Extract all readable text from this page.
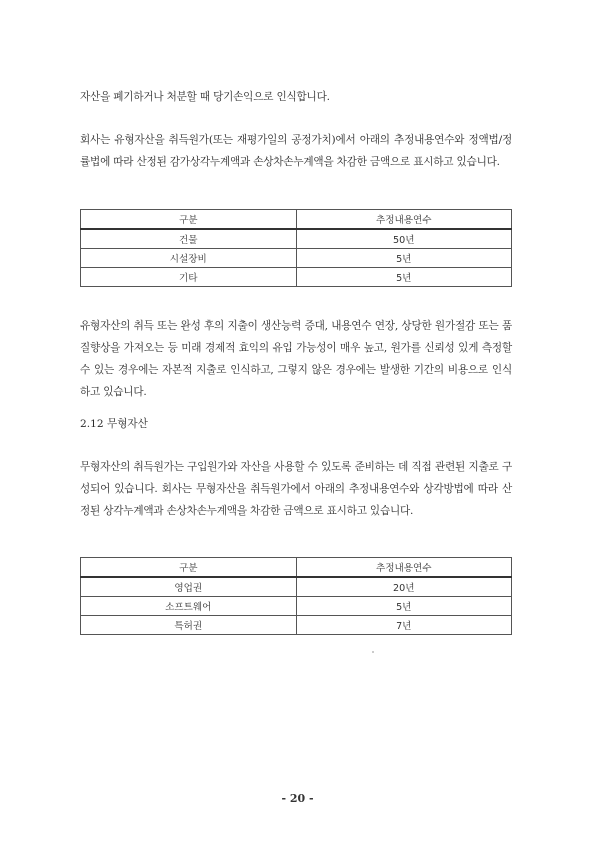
자산을 폐기하거나 처분할 때 당기손익으로 인식합니다.
회사는 유형자산을 취득원가(또는 재평가일의 공정가치)에서 아래의 추정내용연수와 정액법/정률법에 따라 산정된 감가상각누계액과 손상차손누계액을 차감한 금액으로 표시하고 있습니다.
구분	추정내용연수
건물	50년
시설장비	5년
기타	5년
유형자산의 취득 또는 완성 후의 지출이 생산능력 증대, 내용연수 연장, 상당한 원가절감 또는 품질향상을 가져오는 등 미래 경제적 효익의 유입 가능성이 매우 높고, 원가를 신뢰성 있게 측정할 수 있는 경우에는 자본적 지출로 인식하고, 그렇지 않은 경우에는 발생한 기간의 비용으로 인식하고 있습니다.
2.12 무형자산
무형자산의 취득원가는 구입원가와 자산을 사용할 수 있도록 준비하는 데 직접 관련된 지출로 구성되어 있습니다. 회사는 무형자산을 취득원가에서 아래의 추정내용연수와 상각방법에 따라 산정된 상각누계액과 손상차손누계액을 차감한 금액으로 표시하고 있습니다.
구분	추정내용연수
영업권	20년
소프트웨어	5년
특허권	7년
- 20 -
